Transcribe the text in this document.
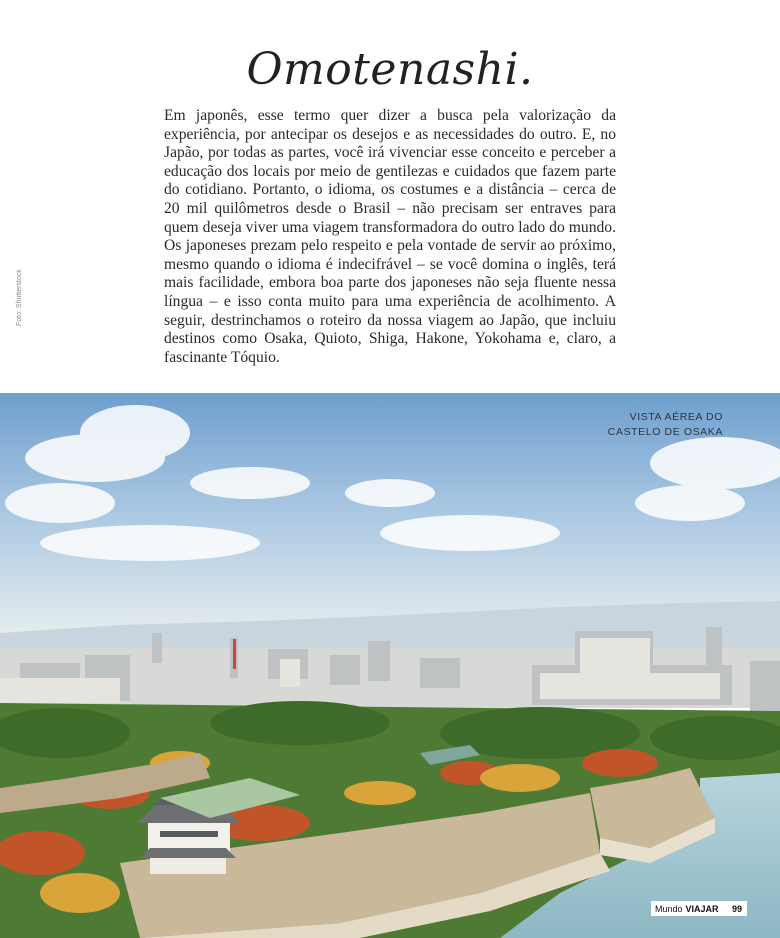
Omotenashi.
Em japonês, esse termo quer dizer a busca pela valorização da experiência, por antecipar os desejos e as necessidades do outro. E, no Japão, por todas as partes, você irá vivenciar esse conceito e perceber a educação dos locais por meio de gentilezas e cuidados que fazem parte do cotidiano. Portanto, o idioma, os costumes e a distância – cerca de 20 mil quilômetros desde o Brasil – não precisam ser entraves para quem deseja viver uma viagem transformadora do outro lado do mundo. Os japoneses prezam pelo respeito e pela vontade de servir ao próximo, mesmo quando o idioma é indecifrável – se você domina o inglês, terá mais facilidade, embora boa parte dos japoneses não seja fluente nessa língua – e isso conta muito para uma experiência de acolhimento. A seguir, destrinchamos o roteiro da nossa viagem ao Japão, que incluiu destinos como Osaka, Quioto, Shiga, Hakone, Yokohama e, claro, a fascinante Tóquio.
Foto: Shutterstock
VISTA AÉREA DO
CASTELO DE OSAKA
Mundo VIAJAR 99
